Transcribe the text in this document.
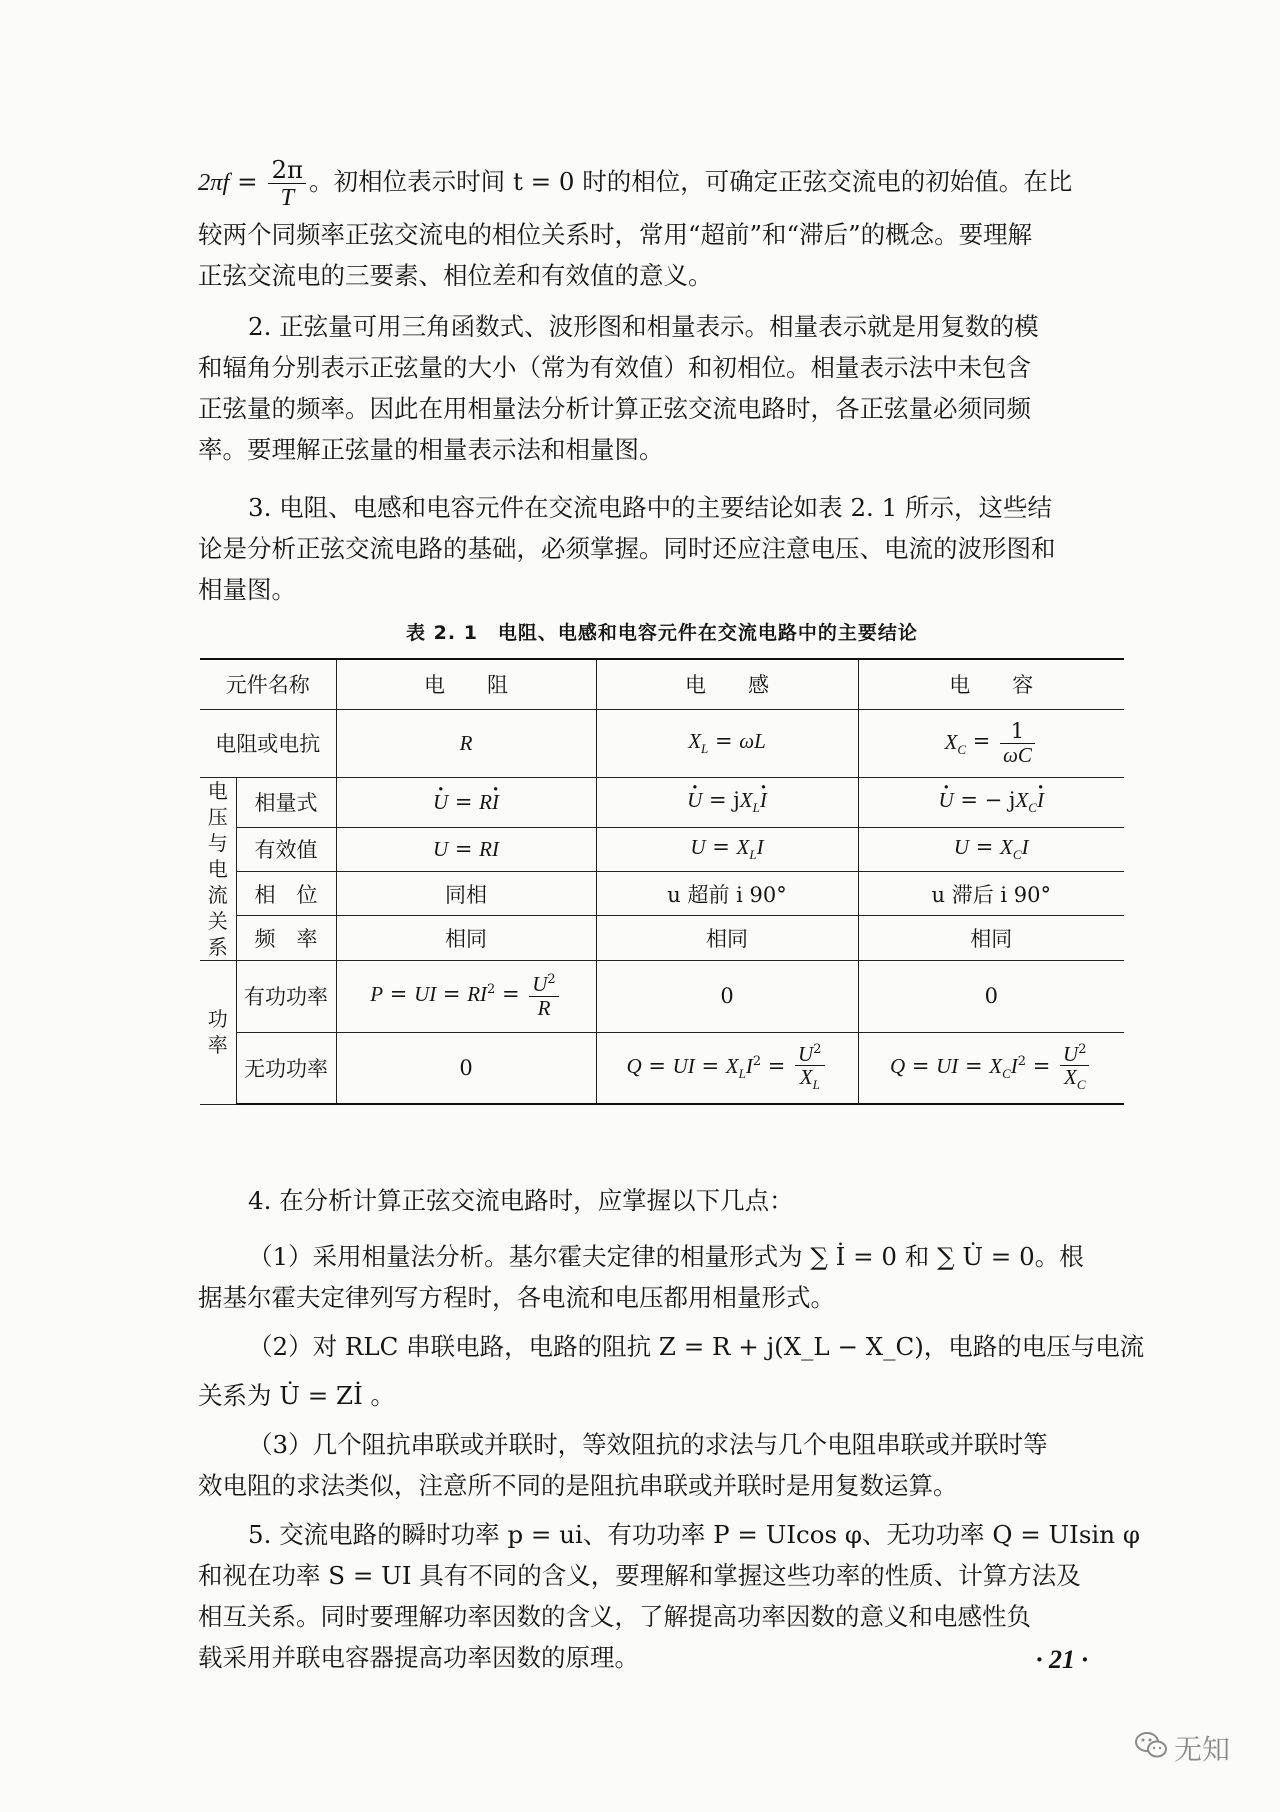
$2\pi f = \frac{2\pi}{T}$ 。初相位表示时间 t = 0 时的相位，可确定正弦交流电的初始值。在比
较两个同频率正弦交流电的相位关系时，常用“超前”和“滞后”的概念。要理解
正弦交流电的三要素、相位差和有效值的意义。
2. 正弦量可用三角函数式、波形图和相量表示。相量表示就是用复数的模
和辐角分别表示正弦量的大小（常为有效值）和初相位。相量表示法中未包含
正弦量的频率。因此在用相量法分析计算正弦交流电路时，各正弦量必须同频
率。要理解正弦量的相量表示法和相量图。
3. 电阻、电感和电容元件在交流电路中的主要结论如表 2. 1 所示，这些结
论是分析正弦交流电路的基础，必须掌握。同时还应注意电压、电流的波形图和
相量图。
表 2. 1　电阻、电感和电容元件在交流电路中的主要结论
元件名称		电　　阻	电　　感	电　　容
电阻或电抗		R	$X_L = \omega L$	$X_C = \frac{1}{\omega C}$

电压与电流关系	相量式	· U = R· I	· $U = jX_L\cdot I$	· U = − $jX_C\cdot I$
	有效值	U = RI	$U = X_LI$	$U = X_CI$
	相　位	同相	u 超前 i 90°	u 滞后 i 90°
	频　率	相同	相同	相同

功率	有功功率	P = UI = $RI^2 = \frac{U^2}{R}$	0	0
	无功功率	0	Q = UI = $X_LI^2 = \frac{U^2}{X_L}$	Q = UI = $X_CI^2 = \frac{U^2}{X_C}$
4. 在分析计算正弦交流电路时，应掌握以下几点：
（1）采用相量法分析。基尔霍夫定律的相量形式为 ∑ İ = 0 和 ∑ U̇ = 0。根
据基尔霍夫定律列写方程时，各电流和电压都用相量形式。
（2）对 RLC 串联电路，电路的阻抗 Z = R + j(X_L − X_C)，电路的电压与电流
关系为 U̇ = Zİ 。
（3）几个阻抗串联或并联时，等效阻抗的求法与几个电阻串联或并联时等
效电阻的求法类似，注意所不同的是阻抗串联或并联时是用复数运算。
5. 交流电路的瞬时功率 p = ui、有功功率 P = UIcos φ、无功功率 Q = UIsin φ
和视在功率 S = UI 具有不同的含义，要理解和掌握这些功率的性质、计算方法及
相互关系。同时要理解功率因数的含义，了解提高功率因数的意义和电感性负
载采用并联电容器提高功率因数的原理。	· 21 ·
无知
